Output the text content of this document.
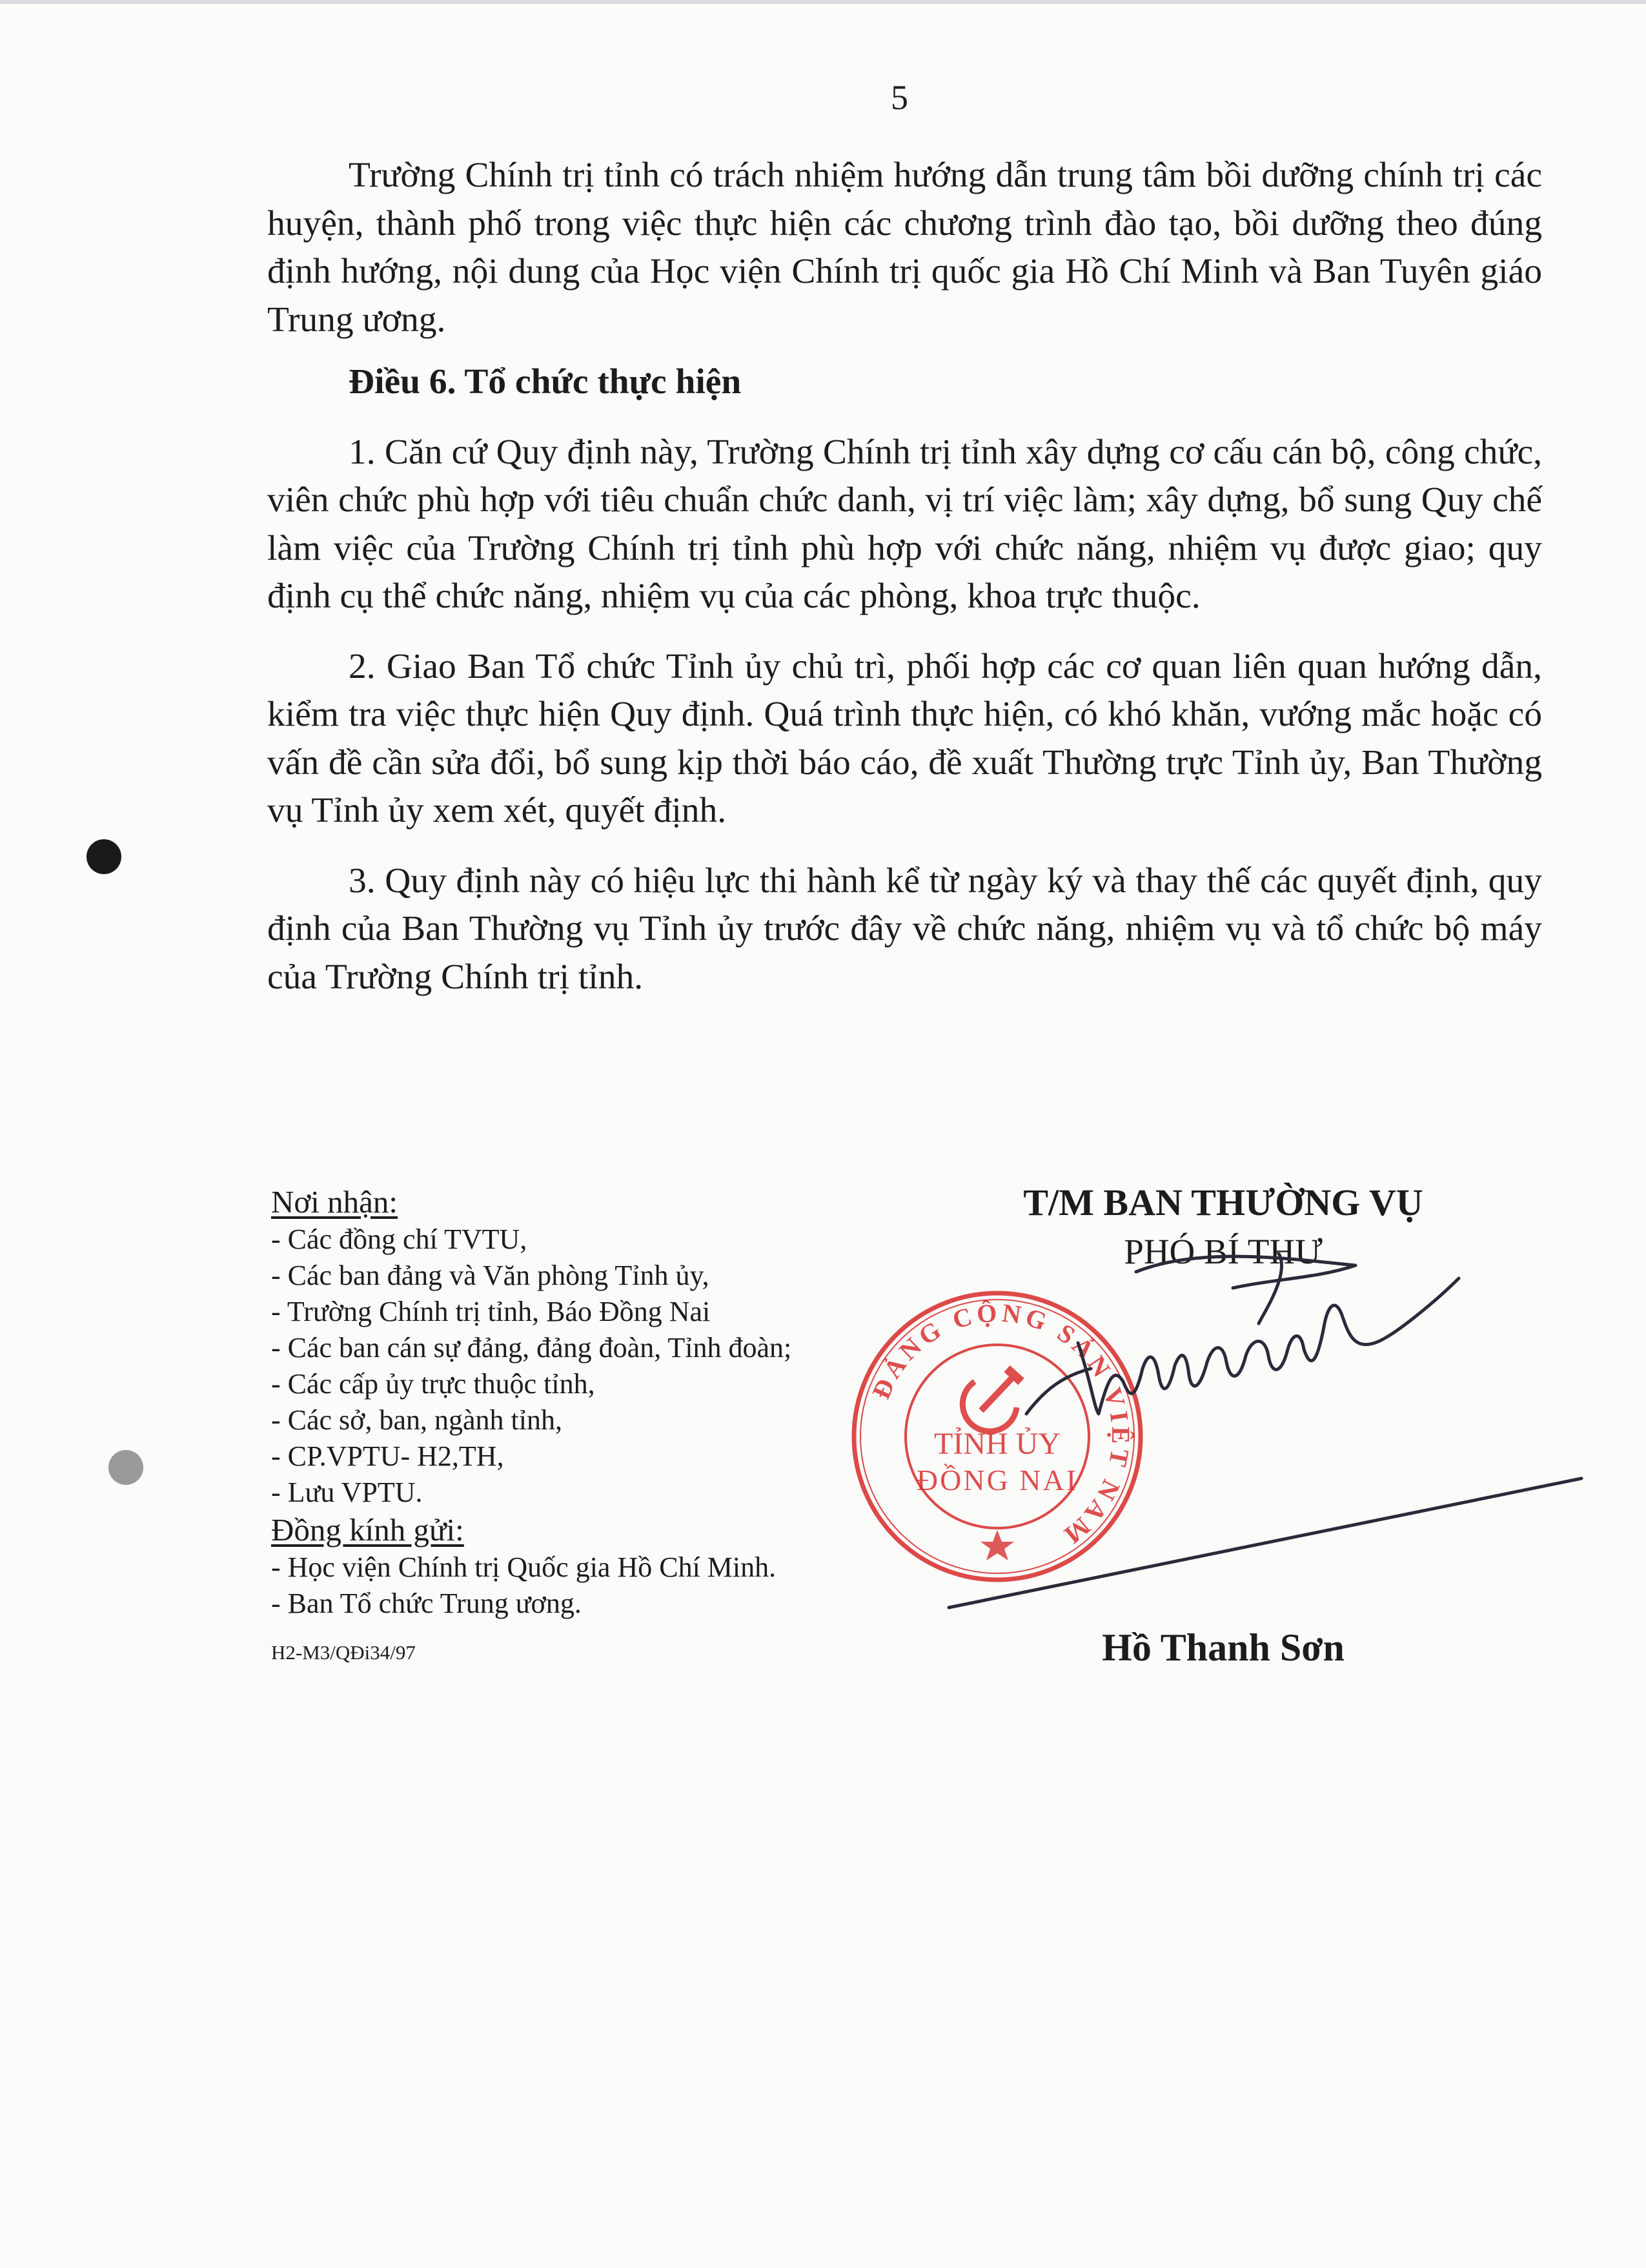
5

Trường Chính trị tỉnh có trách nhiệm hướng dẫn trung tâm bồi dưỡng chính trị các huyện, thành phố trong việc thực hiện các chương trình đào tạo, bồi dưỡng theo đúng định hướng, nội dung của Học viện Chính trị quốc gia Hồ Chí Minh và Ban Tuyên giáo Trung ương.

Điều 6. Tổ chức thực hiện

1. Căn cứ Quy định này, Trường Chính trị tỉnh xây dựng cơ cấu cán bộ, công chức, viên chức phù hợp với tiêu chuẩn chức danh, vị trí việc làm; xây dựng, bổ sung Quy chế làm việc của Trường Chính trị tỉnh phù hợp với chức năng, nhiệm vụ được giao; quy định cụ thể chức năng, nhiệm vụ của các phòng, khoa trực thuộc.

2. Giao Ban Tổ chức Tỉnh ủy chủ trì, phối hợp các cơ quan liên quan hướng dẫn, kiểm tra việc thực hiện Quy định. Quá trình thực hiện, có khó khăn, vướng mắc hoặc có vấn đề cần sửa đổi, bổ sung kịp thời báo cáo, đề xuất Thường trực Tỉnh ủy, Ban Thường vụ Tỉnh ủy xem xét, quyết định.

3. Quy định này có hiệu lực thi hành kể từ ngày ký và thay thế các quyết định, quy định của Ban Thường vụ Tỉnh ủy trước đây về chức năng, nhiệm vụ và tổ chức bộ máy của Trường Chính trị tỉnh.

Nơi nhận:
- Các đồng chí TVTU,
- Các ban đảng và Văn phòng Tỉnh ủy,
- Trường Chính trị tỉnh, Báo Đồng Nai
- Các ban cán sự đảng, đảng đoàn, Tỉnh đoàn;
- Các cấp ủy trực thuộc tỉnh,
- Các sở, ban, ngành tỉnh,
- CP.VPTU- H2,TH,
- Lưu VPTU.
Đồng kính gửi:
- Học viện Chính trị Quốc gia Hồ Chí Minh.
- Ban Tổ chức Trung ương.
H2-M3/QĐi34/97
T/M BAN THƯỜNG VỤ
PHÓ BÍ THƯ
ĐẢNG CỘNG SẢN VIỆT NAM
TỈNH ỦY
ĐỒNG NAI
Hồ Thanh Sơn
